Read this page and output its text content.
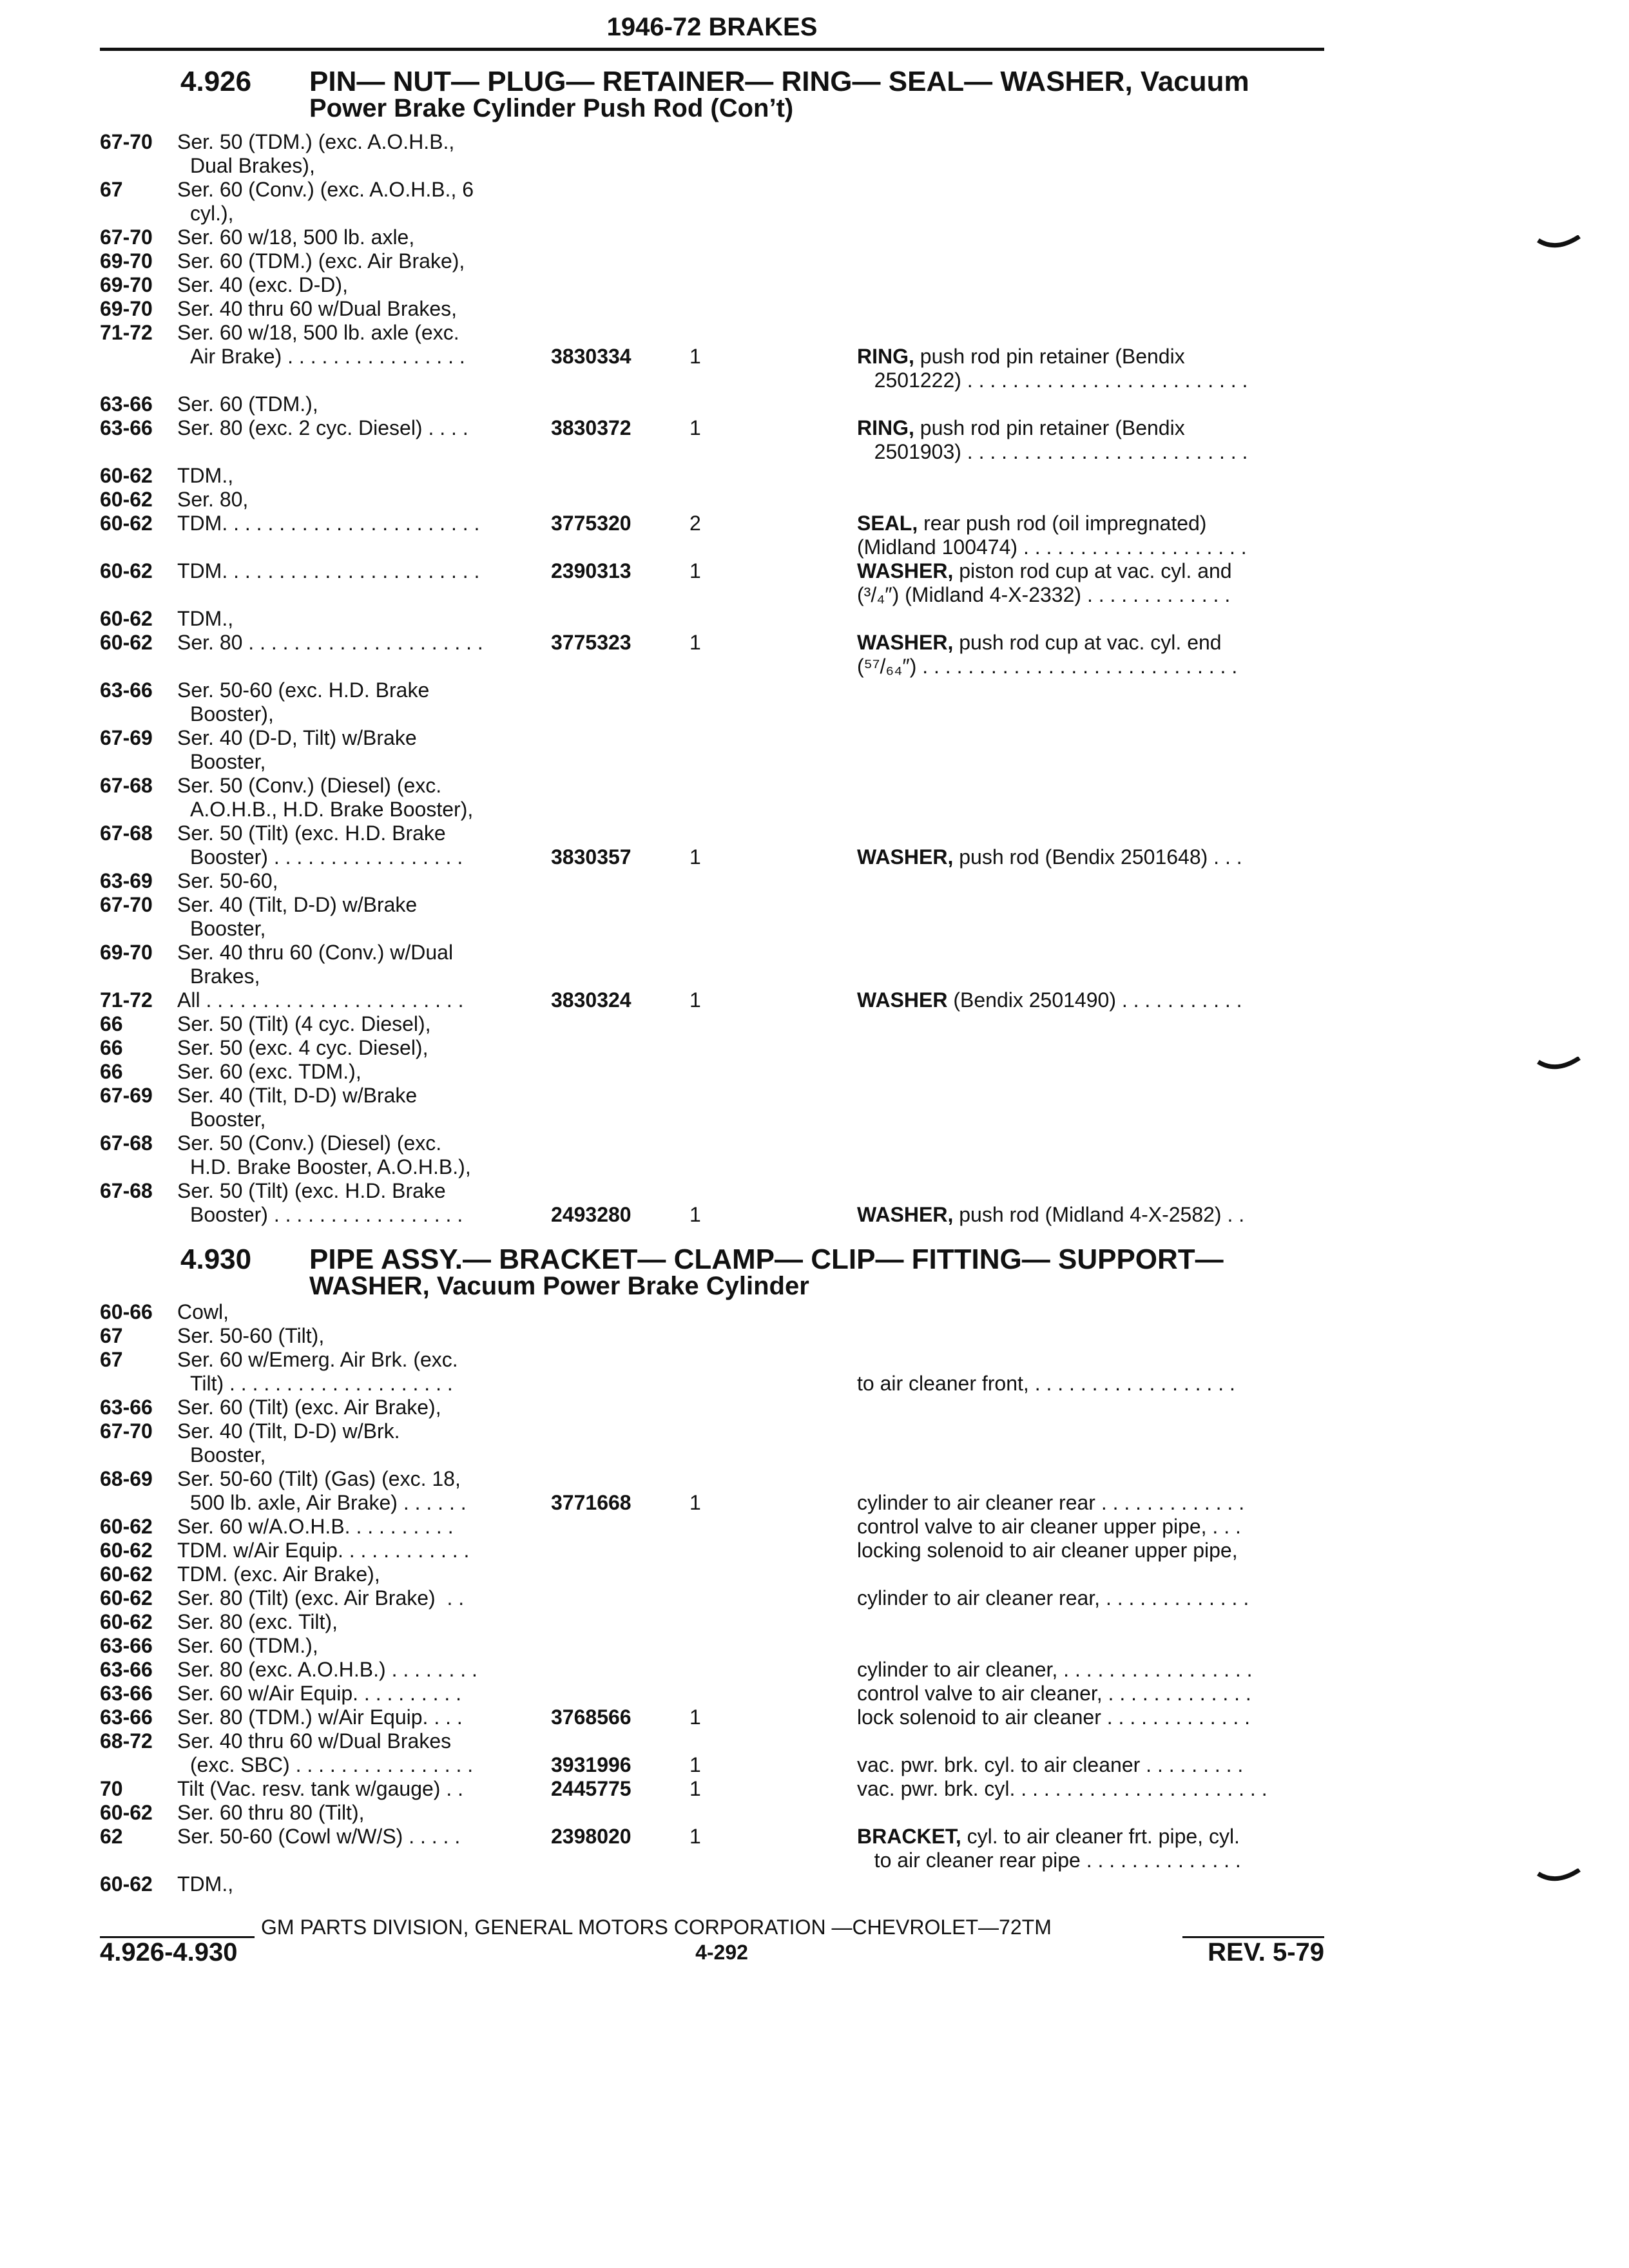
1946-72 BRAKES
4.926 PIN— NUT— PLUG— RETAINER— RING— SEAL— WASHER, Vacuum
Power Brake Cylinder Push Rod (Con’t)
67-70 Ser. 50 (TDM.) (exc. A.O.H.B.,
Dual Brakes),
67	Ser. 60 (Conv.) (exc. A.O.H.B., 6
cyl.),
67-70 Ser. 60 w/18, 500 lb. axle,
69-70 Ser. 60 (TDM.) (exc. Air Brake),
69-70 Ser. 40 (exc. D-D),
69-70 Ser. 40 thru 60 w/Dual Brakes,
71-72 Ser. 60 w/18, 500 lb. axle (exc.
Air Brake) . . . . . . . . . . . . . . . .	3830334	1	RING, push rod pin retainer (Bendix
2501222) . . . . . . . . . . . . . . . . . . . . . . . . .
63-66 Ser. 60 (TDM.),
63-66 Ser. 80 (exc. 2 cyc. Diesel) . . . .	3830372	1	RING, push rod pin retainer (Bendix
2501903) . . . . . . . . . . . . . . . . . . . . . . . . .
60-62 TDM.,
60-62 Ser. 80,
60-62 TDM. . . . . . . . . . . . . . . . . . . . . . .	3775320	2	SEAL, rear push rod (oil impregnated)
(Midland 100474) . . . . . . . . . . . . . . . . . . . .
60-62 TDM. . . . . . . . . . . . . . . . . . . . . . .	2390313	1	WASHER, piston rod cup at vac. cyl. and
(³/₄″) (Midland 4-X-2332) . . . . . . . . . . . . .
60-62 TDM.,
60-62 Ser. 80 . . . . . . . . . . . . . . . . . . . . .	3775323	1	WASHER, push rod cup at vac. cyl. end
(⁵⁷/₆₄″) . . . . . . . . . . . . . . . . . . . . . . . . . . . .
63-66 Ser. 50-60 (exc. H.D. Brake
Booster),
67-69 Ser. 40 (D-D, Tilt) w/Brake
Booster,
67-68 Ser. 50 (Conv.) (Diesel) (exc.
A.O.H.B., H.D. Brake Booster),
67-68 Ser. 50 (Tilt) (exc. H.D. Brake
Booster) . . . . . . . . . . . . . . . . .	3830357	1	WASHER, push rod (Bendix 2501648) . . .
63-69 Ser. 50-60,
67-70 Ser. 40 (Tilt, D-D) w/Brake
Booster,
69-70 Ser. 40 thru 60 (Conv.) w/Dual
Brakes,
71-72 All . . . . . . . . . . . . . . . . . . . . . . .	3830324	1	WASHER (Bendix 2501490) . . . . . . . . . . .
66	Ser. 50 (Tilt) (4 cyc. Diesel),
66	Ser. 50 (exc. 4 cyc. Diesel),
66	Ser. 60 (exc. TDM.),
67-69 Ser. 40 (Tilt, D-D) w/Brake
Booster,
67-68 Ser. 50 (Conv.) (Diesel) (exc.
H.D. Brake Booster, A.O.H.B.),
67-68 Ser. 50 (Tilt) (exc. H.D. Brake
Booster) . . . . . . . . . . . . . . . . .	2493280	1	WASHER, push rod (Midland 4-X-2582) . .
4.930 PIPE ASSY.— BRACKET— CLAMP— CLIP— FITTING— SUPPORT—
WASHER, Vacuum Power Brake Cylinder
60-66 Cowl,
67	Ser. 50-60 (Tilt),
67	Ser. 60 w/Emerg. Air Brk. (exc.
Tilt) . . . . . . . . . . . . . . . . . . . .	to air cleaner front, . . . . . . . . . . . . . . . . . .
63-66 Ser. 60 (Tilt) (exc. Air Brake),
67-70 Ser. 40 (Tilt, D-D) w/Brk.
Booster,
68-69 Ser. 50-60 (Tilt) (Gas) (exc. 18,
500 lb. axle, Air Brake) . . . . . .	3771668	1	cylinder to air cleaner rear . . . . . . . . . . . . .
60-62 Ser. 60 w/A.O.H.B. . . . . . . . . .	control valve to air cleaner upper pipe, . . .
60-62 TDM. w/Air Equip. . . . . . . . . . . .	locking solenoid to air cleaner upper pipe,
60-62 TDM. (exc. Air Brake),
60-62 Ser. 80 (Tilt) (exc. Air Brake)  . .	cylinder to air cleaner rear, . . . . . . . . . . . . .
60-62 Ser. 80 (exc. Tilt),
63-66 Ser. 60 (TDM.),
63-66 Ser. 80 (exc. A.O.H.B.) . . . . . . . .	cylinder to air cleaner, . . . . . . . . . . . . . . . . .
63-66 Ser. 60 w/Air Equip. . . . . . . . . .	control valve to air cleaner, . . . . . . . . . . . . .
63-66 Ser. 80 (TDM.) w/Air Equip. . . .	3768566	1	lock solenoid to air cleaner . . . . . . . . . . . . .
68-72 Ser. 40 thru 60 w/Dual Brakes
(exc. SBC) . . . . . . . . . . . . . . . .	3931996	1	vac. pwr. brk. cyl. to air cleaner . . . . . . . . .
70	Tilt (Vac. resv. tank w/gauge) . .	2445775	1	vac. pwr. brk. cyl. . . . . . . . . . . . . . . . . . . . . . .
60-62 Ser. 60 thru 80 (Tilt),
62	Ser. 50-60 (Cowl w/W/S) . . . . .	2398020	1	BRACKET, cyl. to air cleaner frt. pipe, cyl.
to air cleaner rear pipe . . . . . . . . . . . . . .
60-62 TDM.,
GM PARTS DIVISION, GENERAL MOTORS CORPORATION —CHEVROLET—72TM
4.926-4.930	4-292	REV. 5-79
